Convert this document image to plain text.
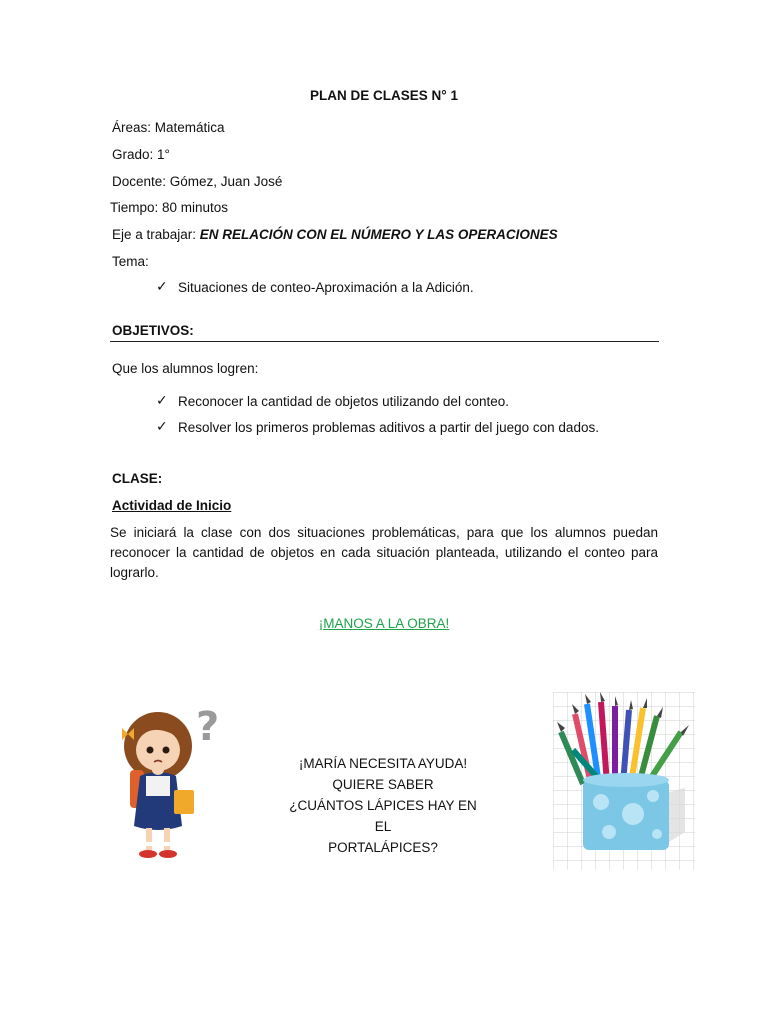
PLAN DE CLASES N° 1
Áreas: Matemática
Grado: 1°
Docente: Gómez, Juan José
Tiempo: 80 minutos
Eje a trabajar: EN RELACIÓN CON EL NÚMERO Y LAS OPERACIONES
Tema:
✓ Situaciones de conteo-Aproximación a la Adición.
OBJETIVOS:
Que los alumnos logren:
✓ Reconocer la cantidad de objetos utilizando del conteo.
✓ Resolver los primeros problemas aditivos a partir del juego con dados.
CLASE:
Actividad de Inicio
Se iniciará la clase con dos situaciones problemáticas, para que los alumnos puedan reconocer la cantidad de objetos en cada situación planteada, utilizando el conteo para lograrlo.
¡MANOS A LA OBRA!
?
¡MARÍA NECESITA AYUDA!
QUIERE SABER
¿CUÁNTOS LÁPICES HAY EN EL
PORTALÁPICES?
